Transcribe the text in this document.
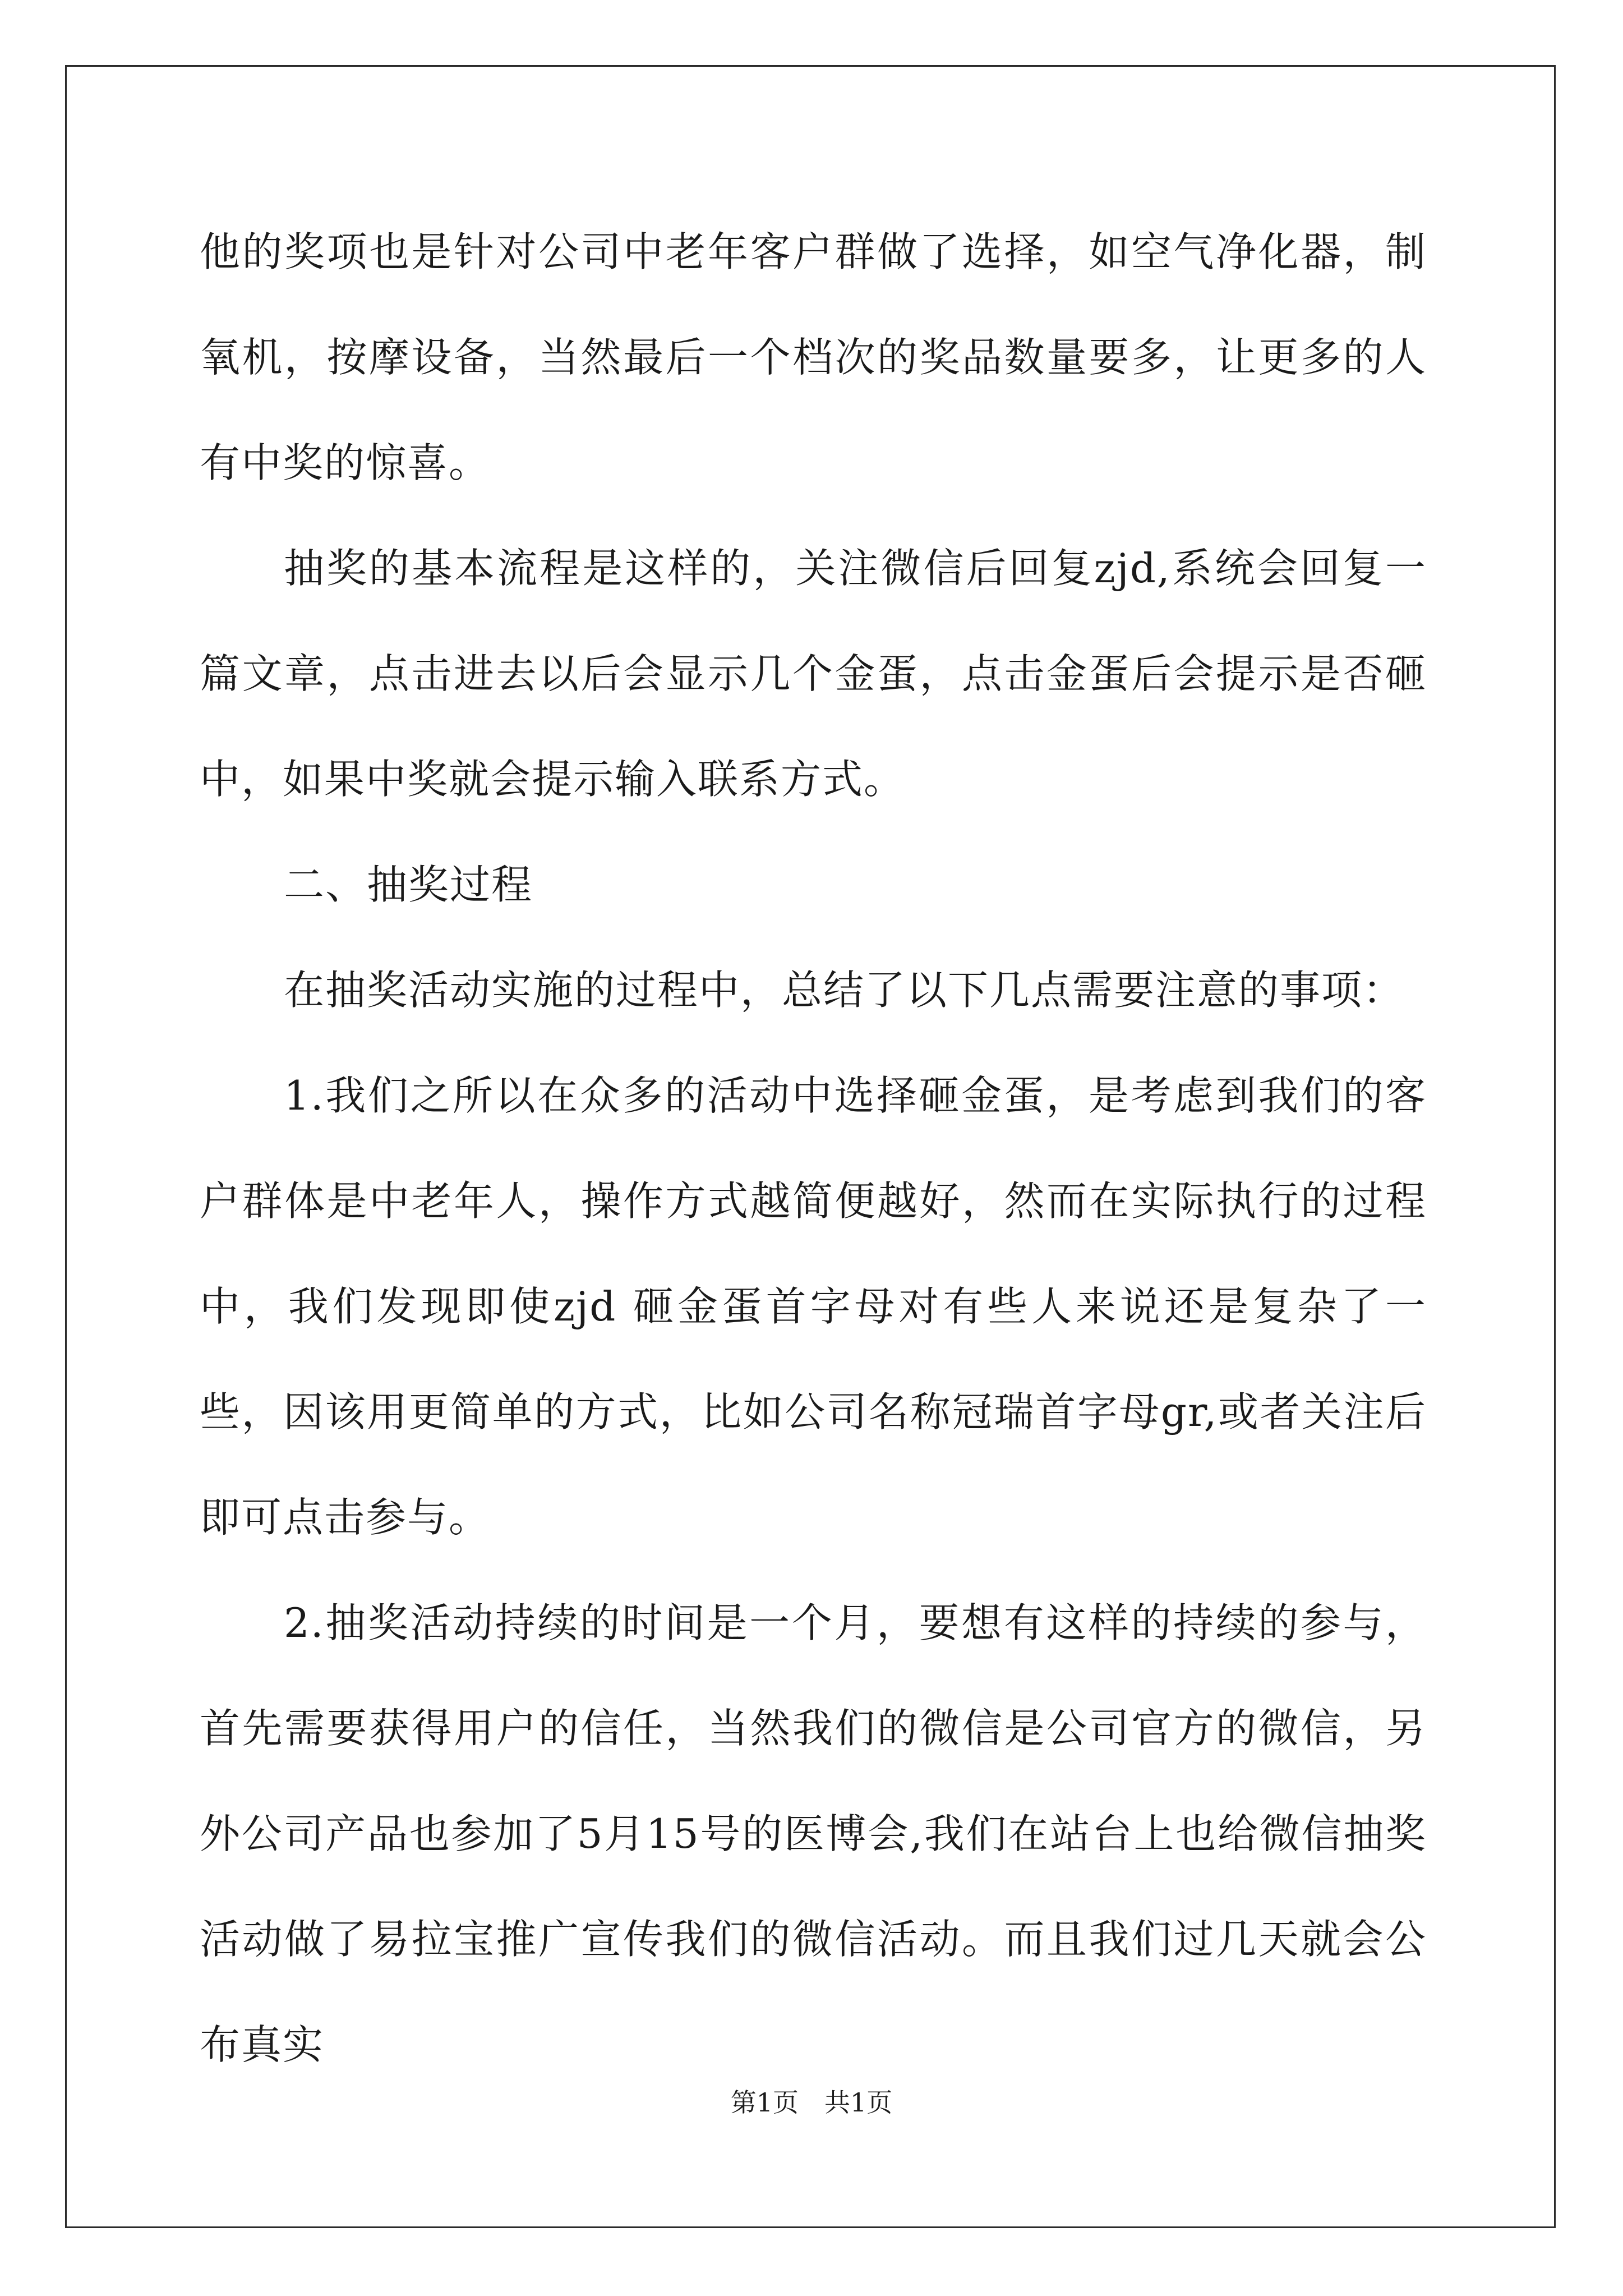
他的奖项也是针对公司中老年客户群做了选择，如空气净化器，制氧机，按摩设备，当然最后一个档次的奖品数量要多，让更多的人有中奖的惊喜。

抽奖的基本流程是这样的，关注微信后回复zjd,系统会回复一篇文章，点击进去以后会显示几个金蛋，点击金蛋后会提示是否砸中，如果中奖就会提示输入联系方式。

二、抽奖过程

在抽奖活动实施的过程中，总结了以下几点需要注意的事项：

1.我们之所以在众多的活动中选择砸金蛋，是考虑到我们的客户群体是中老年人，操作方式越简便越好，然而在实际执行的过程中，我们发现即使zjd 砸金蛋首字母对有些人来说还是复杂了一些，因该用更简单的方式，比如公司名称冠瑞首字母gr,或者关注后即可点击参与。

2.抽奖活动持续的时间是一个月，要想有这样的持续的参与，首先需要获得用户的信任，当然我们的微信是公司官方的微信，另外公司产品也参加了5月15号的医博会,我们在站台上也给微信抽奖活动做了易拉宝推广宣传我们的微信活动。而且我们过几天就会公布真实

第1页 共1页
